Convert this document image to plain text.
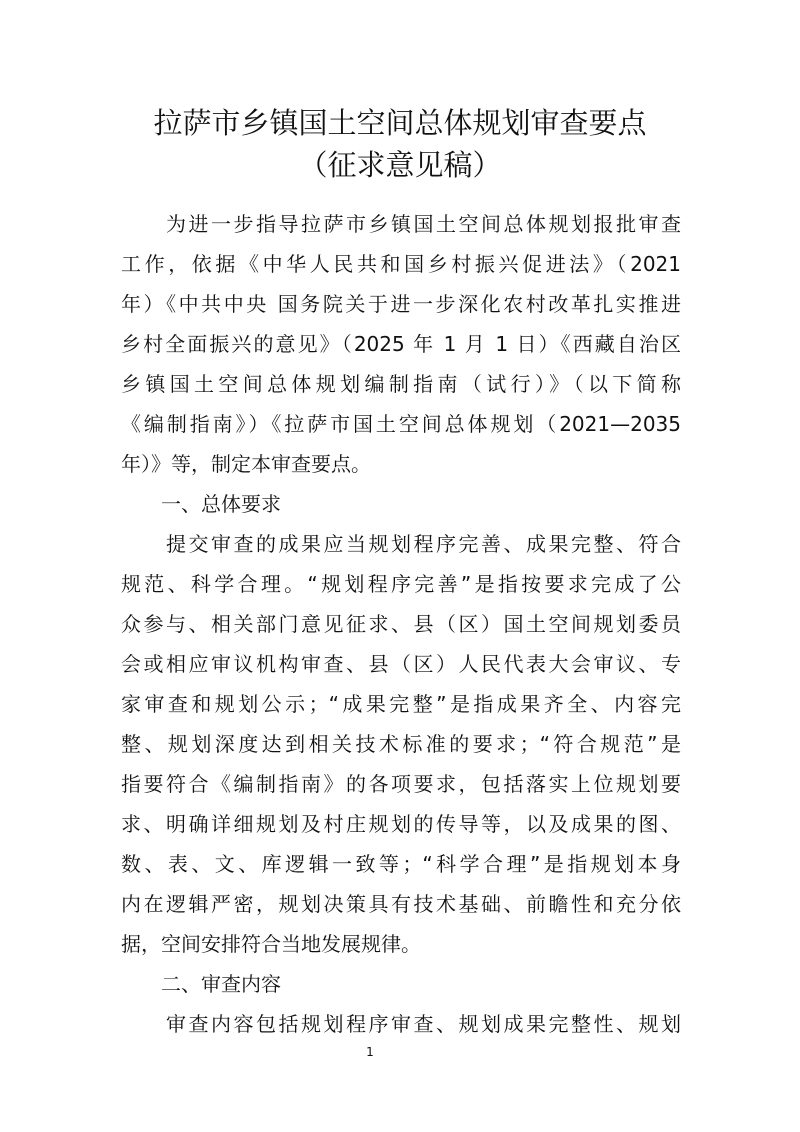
拉萨市乡镇国土空间总体规划审查要点
（征求意见稿）

　　为进一步指导拉萨市乡镇国土空间总体规划报批审查

工作，依据《中华人民共和国乡村振兴促进法》（2021

年）《中共中央 国务院关于进一步深化农村改革扎实推进

乡村全面振兴的意见》（2025 年 1 月 1 日）《西藏自治区

乡镇国土空间总体规划编制指南（试行）》（以下简称

《编制指南》）《拉萨市国土空间总体规划（2021—2035

年）》等，制定本审查要点。

　　一、总体要求

　　提交审查的成果应当规划程序完善、成果完整、符合

规范、科学合理。“规划程序完善”是指按要求完成了公

众参与、相关部门意见征求、县（区）国土空间规划委员

会或相应审议机构审查、县（区）人民代表大会审议、专

家审查和规划公示；“成果完整”是指成果齐全、内容完

整、规划深度达到相关技术标准的要求；“符合规范”是

指要符合《编制指南》的各项要求，包括落实上位规划要

求、明确详细规划及村庄规划的传导等，以及成果的图、

数、表、文、库逻辑一致等；“科学合理”是指规划本身

内在逻辑严密，规划决策具有技术基础、前瞻性和充分依

据，空间安排符合当地发展规律。

　　二、审查内容

　　审查内容包括规划程序审查、规划成果完整性、规划

1
